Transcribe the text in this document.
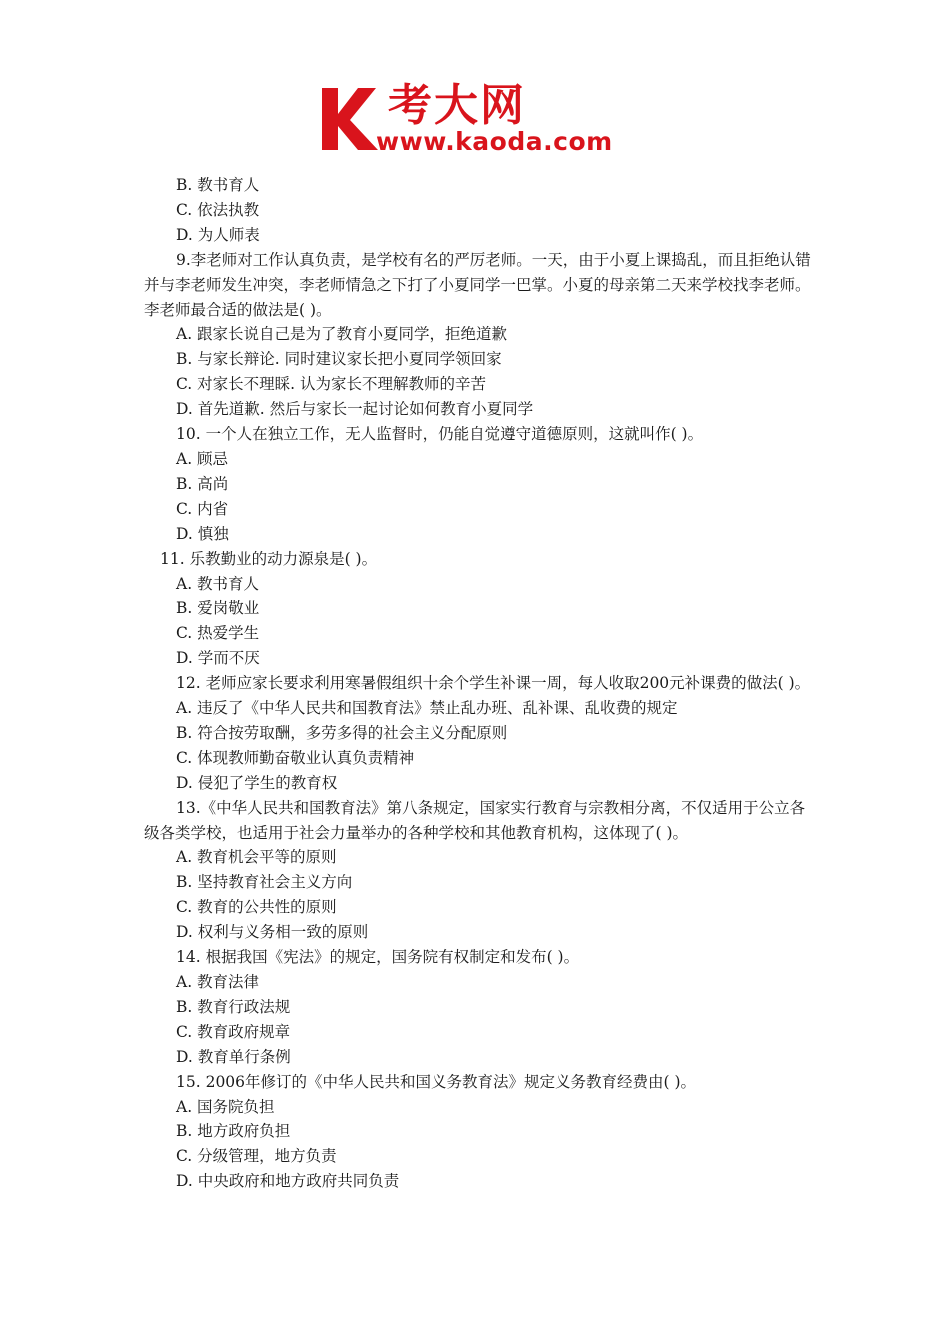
考大网
www.kaoda.com

B. 教书育人

C. 依法执教

D. 为人师表

9.李老师对工作认真负责，是学校有名的严厉老师。一天，由于小夏上课捣乱，而且拒绝认错并与李老师发生冲突，李老师情急之下打了小夏同学一巴掌。小夏的母亲第二天来学校找李老师。李老师最合适的做法是( )。

A. 跟家长说自己是为了教育小夏同学，拒绝道歉

B. 与家长辩论. 同时建议家长把小夏同学领回家

C. 对家长不理睬. 认为家长不理解教师的辛苦

D. 首先道歉. 然后与家长一起讨论如何教育小夏同学

10. 一个人在独立工作，无人监督时，仍能自觉遵守道德原则，这就叫作( )。

A. 顾忌

B. 高尚

C. 内省

D. 慎独

11. 乐教勤业的动力源泉是( )。

A. 教书育人

B. 爱岗敬业

C. 热爱学生

D. 学而不厌

12. 老师应家长要求利用寒暑假组织十余个学生补课一周，每人收取200元补课费的做法( )。

A. 违反了《中华人民共和国教育法》禁止乱办班、乱补课、乱收费的规定

B. 符合按劳取酬，多劳多得的社会主义分配原则

C. 体现教师勤奋敬业认真负责精神

D. 侵犯了学生的教育权

13.《中华人民共和国教育法》第八条规定，国家实行教育与宗教相分离，不仅适用于公立各级各类学校，也适用于社会力量举办的各种学校和其他教育机构，这体现了( )。

A. 教育机会平等的原则

B. 坚持教育社会主义方向

C. 教育的公共性的原则

D. 权利与义务相一致的原则

14. 根据我国《宪法》的规定，国务院有权制定和发布( )。

A. 教育法律

B. 教育行政法规

C. 教育政府规章

D. 教育单行条例

15. 2006年修订的《中华人民共和国义务教育法》规定义务教育经费由( )。

A. 国务院负担

B. 地方政府负担

C. 分级管理，地方负责

D. 中央政府和地方政府共同负责
